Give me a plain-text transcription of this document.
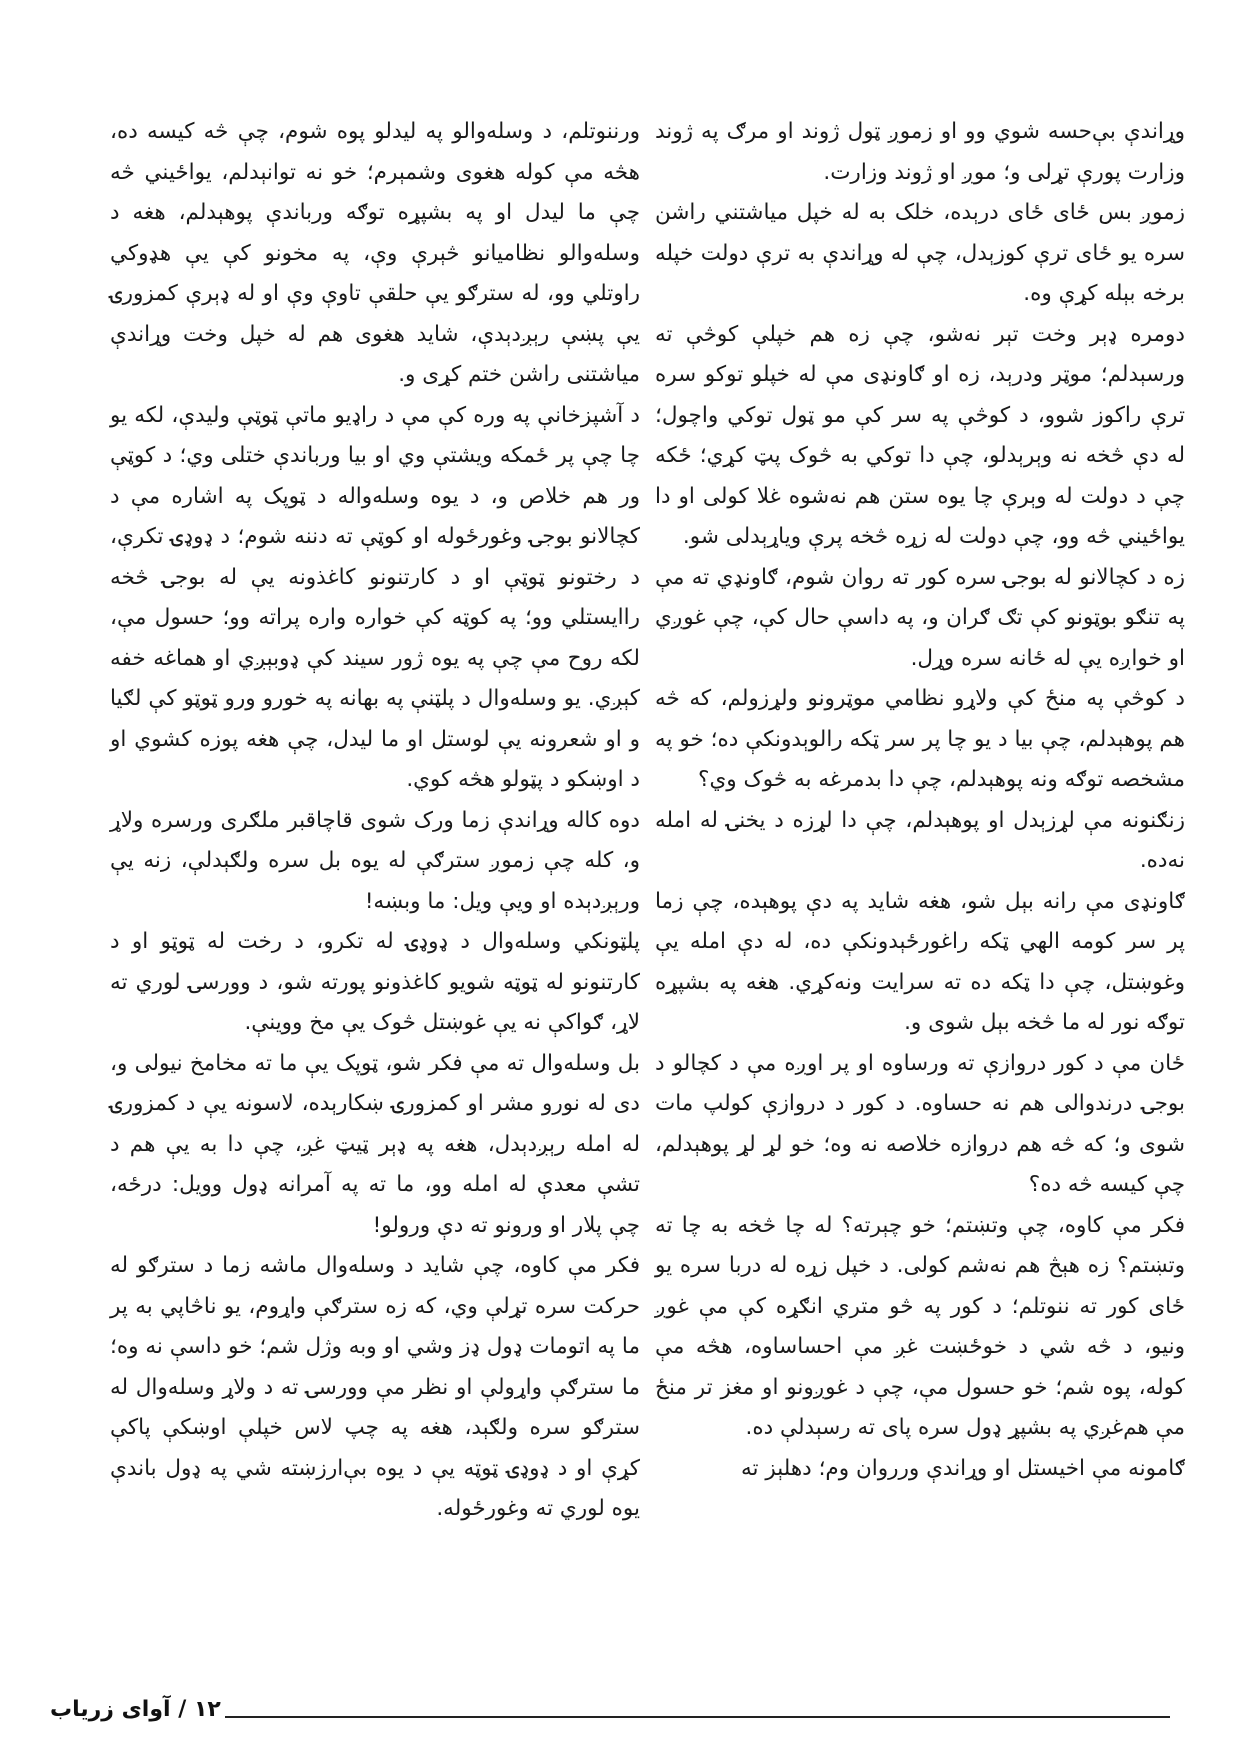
وړاندې بې‌حسه شوي وو او زموږ ټول ژوند او مرګ په ژوند وزارت پورې تړلی و؛ موږ او ژوند وزارت.

زموږ بس ځای ځای درېده، خلک به له خپل میاشتني راشن سره یو ځای ترې کوزېدل، چې له وړاندې به ترې دولت خپله برخه بېله کړې وه.

دومره ډېر وخت تېر نه‌شو، چې زه هم خپلې کوڅې ته ورسېدلم؛ موټر ودرېد، زه او ګاونډی مې له خپلو توکو سره ترې راکوز شوو، د کوڅې په سر کې مو ټول توکي واچول؛ له دې څخه نه وېرېدلو، چې دا توکي به څوک پټ کړي؛ ځکه چې د دولت له وېرې چا یوه ستن هم نه‌شوه غلا کولی او دا یواځیني څه وو، چې دولت له زړه څخه پرې ویاړېدلی شو.

زه د کچالانو له بوجۍ سره کور ته روان شوم، ګاونډي ته مې په تنګو بوټونو کې تګ ګران و، په داسې حال کې، چې غوږي او خواږه یې له ځانه سره وړل.

د کوڅې په منځ کې ولاړو نظامي موټرونو ولړزولم، که څه هم پوهېدلم، چې بیا د یو چا پر سر ټکه رالوېدونکې ده؛ خو په مشخصه توګه ونه پوهېدلم، چې دا بدمرغه به څوک وي؟

زنګنونه مې لړزېدل او پوهېدلم، چې دا لړزه د یخنۍ له امله نه‌ده.

ګاونډی مې رانه بېل شو، هغه شاید په دې پوهېده، چې زما پر سر کومه الهي ټکه راغورځېدونکې ده، له دې امله یې وغوښتل، چې دا ټکه ده ته سرایت ونه‌کړي. هغه په بشپړه توګه نور له ما څخه بېل شوی و.

ځان مې د کور دروازې ته ورساوه او پر اوږه مې د کچالو د بوجۍ درندوالی هم نه حساوه. د کور د دروازې کولپ مات شوی و؛ که څه هم دروازه خلاصه نه وه؛ خو لړ لړ پوهېدلم، چې کیسه څه ده؟

فکر مې کاوه، چې وتښتم؛ خو چېرته؟ له چا څخه به چا ته وتښتم؟ زه هېڅ هم نه‌شم کولی. د خپل زړه له دربا سره یو ځای کور ته ننوتلم؛ د کور په څو متري انګړه کې مې غوږ ونیو، د څه شي د خوځښت غږ مې احساساوه، هڅه مې کوله، پوه شم؛ خو حسول مې، چې د غوږونو او مغز تر منځ مې هم‌غږي په بشپړ ډول سره پای ته رسېدلې ده.

ګامونه مې اخیستل او وړاندې ورروان وم؛ دهلېز ته

ورننوتلم، د وسله‌والو په لیدلو پوه شوم، چې څه کیسه ده، هڅه مې کوله هغوی وشمېرم؛ خو نه توانېدلم، یواځیني څه چې ما لیدل او په بشپړه توګه ورباندې پوهېدلم، هغه د وسله‌والو نظامیانو څېرې وې، په مخونو کې یې هډوکي راوتلي وو، له سترګو یې حلقې تاوې وې او له ډېرې کمزورۍ یې پښې رېږدېدې، شاید هغوی هم له خپل وخت وړاندې میاشتنی راشن ختم کړی و.

د آشپزخانې په وره کې مې د راډیو ماتې ټوټې ولیدې، لکه یو چا چې پر ځمکه ویشتې وي او بیا ورباندې ختلی وي؛ د کوټې ور هم خلاص و، د یوه وسله‌واله د ټوپک په اشاره مې د کچالانو بوجۍ وغورځوله او کوټې ته دننه شوم؛ د ډوډۍ تکرې، د رختونو ټوټې او د کارتنونو کاغذونه یې له بوجۍ څخه راایستلي وو؛ په کوټه کې خواره واره پراته وو؛ حسول مې، لکه روح مې چې په یوه ژور سیند کې ډوبېږي او هماغه خفه کېږي. یو وسله‌وال د پلټنې په بهانه په خورو ورو ټوټو کې لګیا و او شعرونه یې لوستل او ما لیدل، چې هغه پوزه کشوي او د اوښکو د پټولو هڅه کوي.

دوه کاله وړاندې زما ورک شوی قاچاقبر ملګری ورسره ولاړ و، کله چې زموږ سترګې له یوه بل سره ولګېدلې، زنه یې ورېږدېده او ویې ویل: ما وبښه!

پلټونکي وسله‌وال د ډوډۍ له تکرو، د رخت له ټوټو او د کارتنونو له ټوټه شویو کاغذونو پورته شو، د وورسۍ لوري ته لاړ، ګواکې نه یې غوښتل څوک یې مخ ووینې.

بل وسله‌وال ته مې فکر شو، ټوپک یې ما ته مخامخ نیولی و، دی له نورو مشر او کمزورۍ ښکارېده، لاسونه یې د کمزورۍ له امله رېږدېدل، هغه په ډېر ټیټ غږ، چې دا به یې هم د تشې معدې له امله وو، ما ته په آمرانه ډول وویل: درځه، چې پلار او ورونو ته دې ورولو!

فکر مې کاوه، چې شاید د وسله‌وال ماشه زما د سترګو له حرکت سره تړلې وي، که زه سترګې واړوم، یو ناڅاپي به پر ما په اتومات ډول ډز وشي او وبه وژل شم؛ خو داسې نه وه؛ ما سترګې واړولې او نظر مې وورسۍ ته د ولاړ وسله‌وال له سترګو سره ولګېد، هغه په چپ لاس خپلې اوښکې پاکې کړې او د ډوډۍ ټوټه یې د یوه بې‌ارزښته شي په ډول باندې یوه لوري ته وغورځوله.

۱۲ / آوای زریاب
